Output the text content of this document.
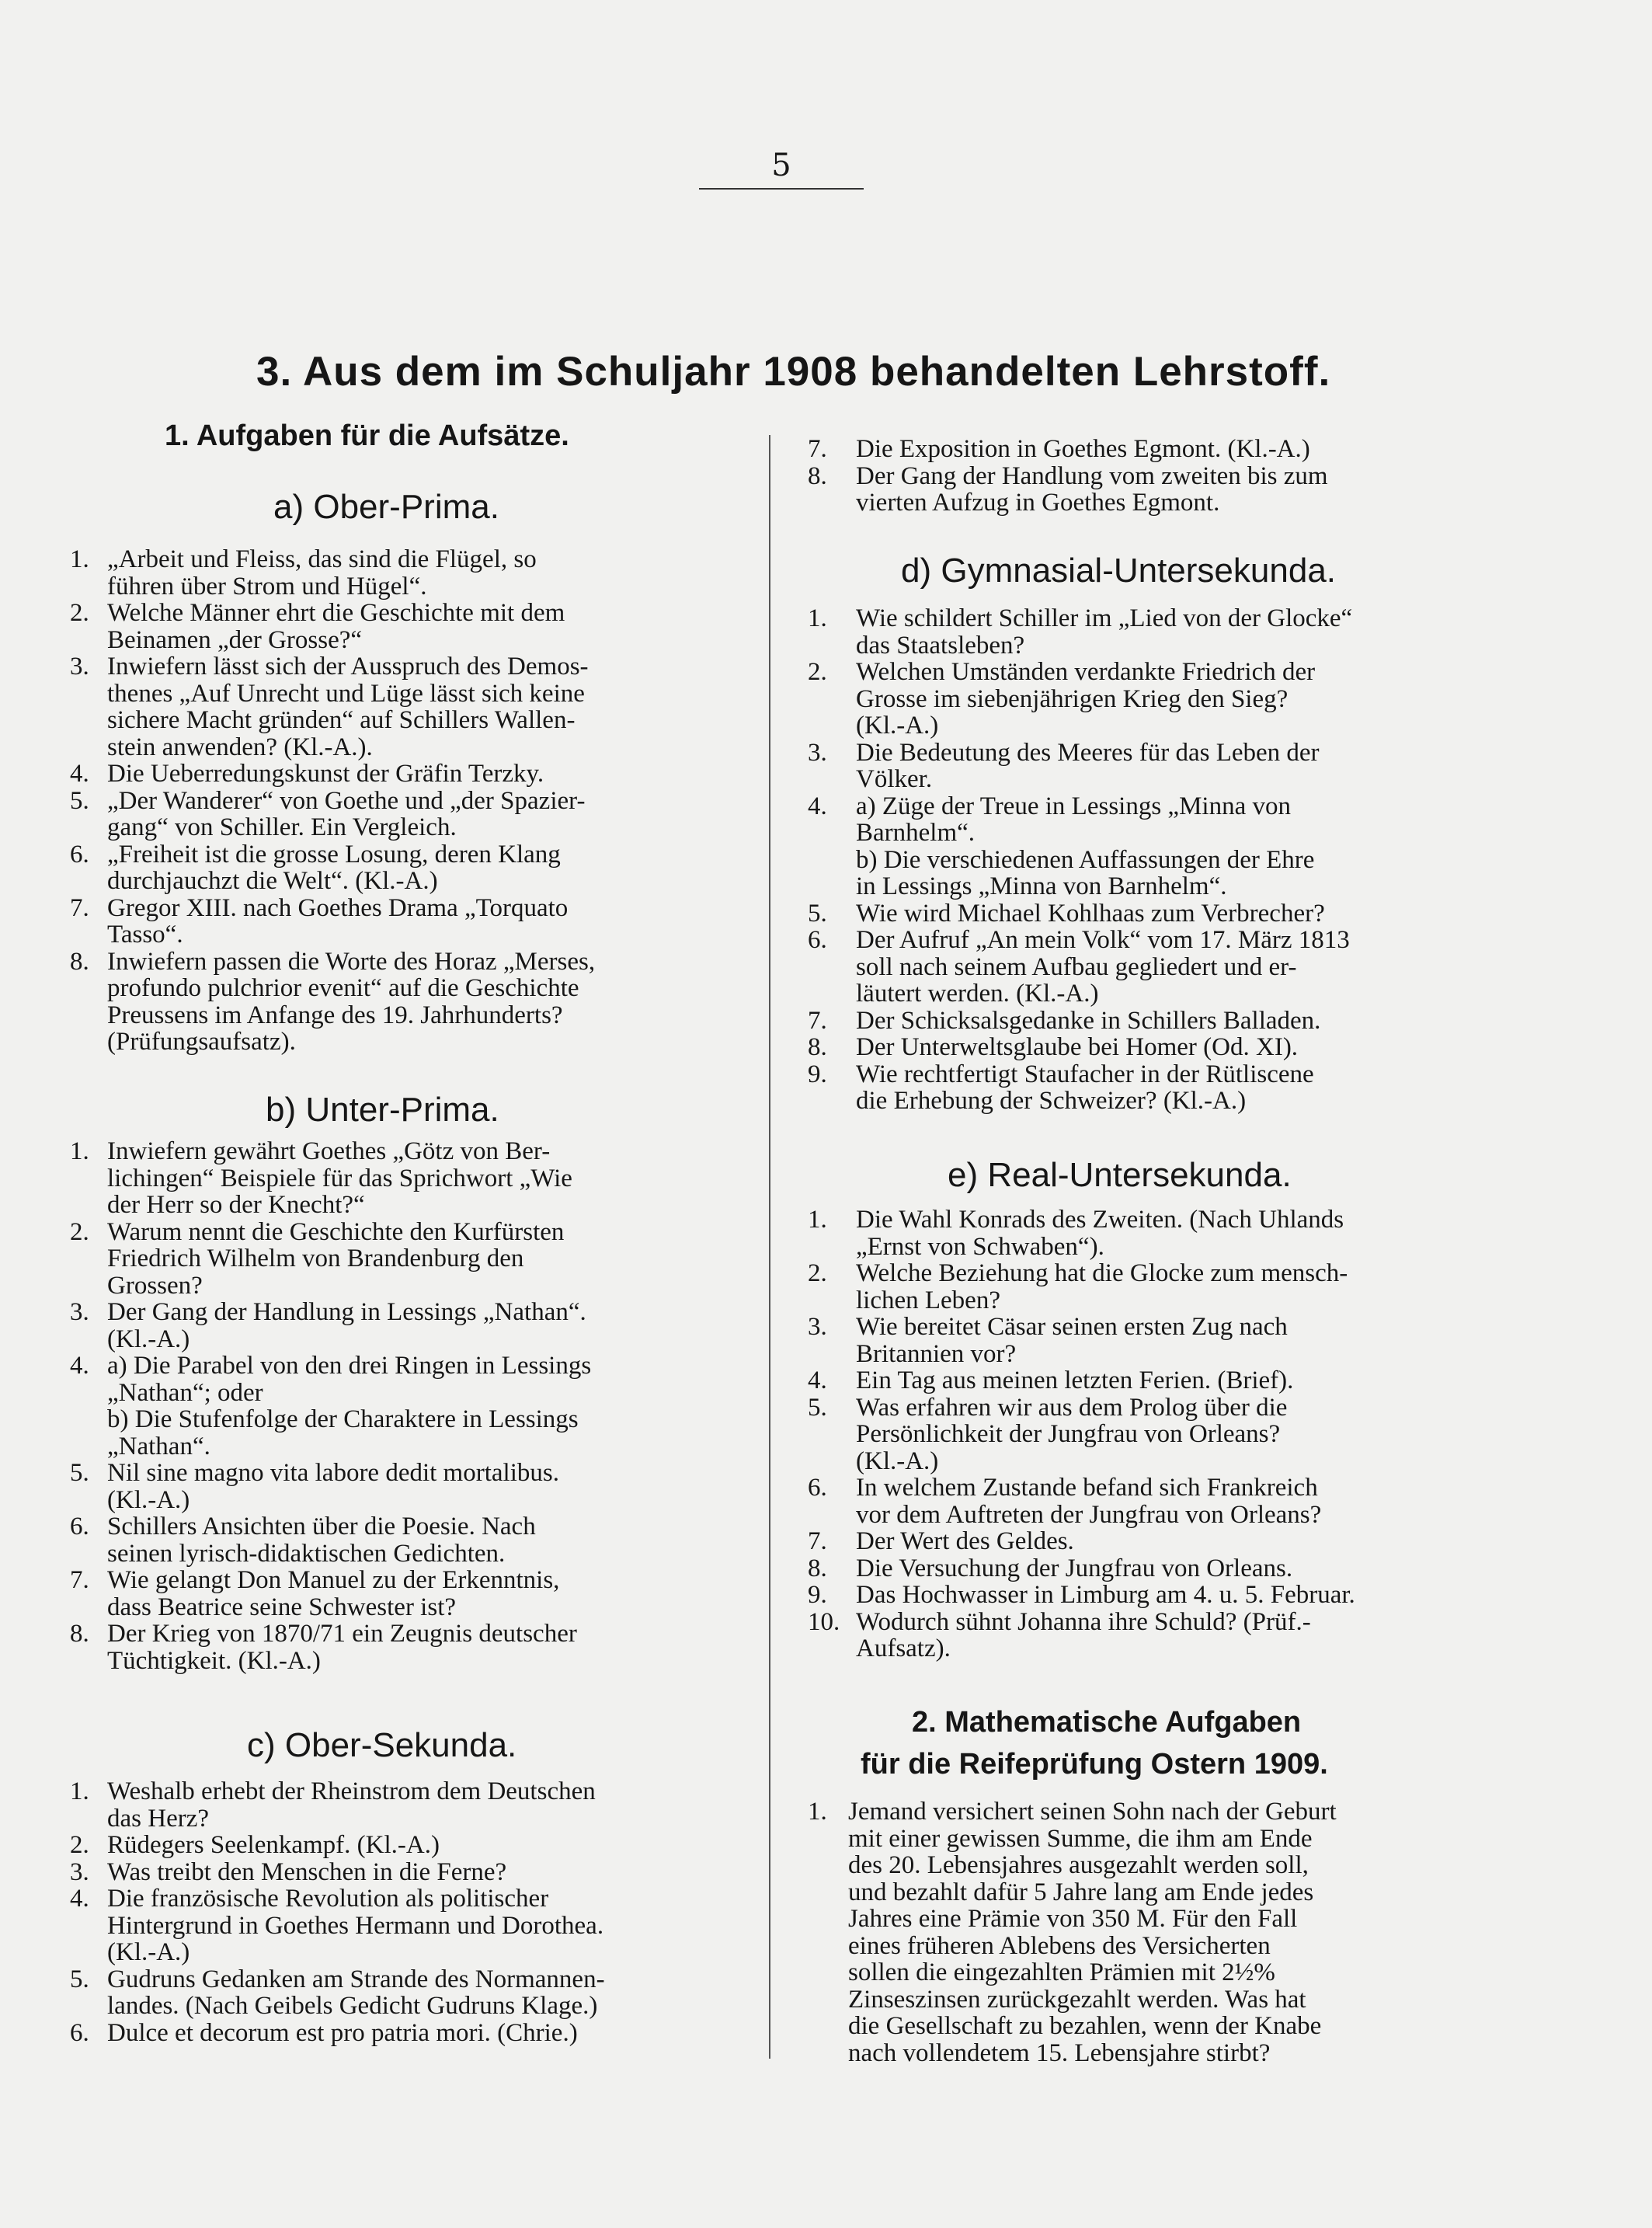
5
3. Aus dem im Schuljahr 1908 behandelten Lehrstoff.
1. Aufgaben für die Aufsätze.
a) Ober-Prima.
b) Unter-Prima.
c) Ober-Sekunda.
1. „Arbeit und Fleiss, das sind die Flügel, so
führen über Strom und Hügel“.
2. Welche Männer ehrt die Geschichte mit dem
Beinamen „der Grosse?“
3. Inwiefern lässt sich der Ausspruch des Demos-
thenes „Auf Unrecht und Lüge lässt sich keine
sichere Macht gründen“ auf Schillers Wallen-
stein anwenden? (Kl.-A.).
4. Die Ueberredungskunst der Gräfin Terzky.
5. „Der Wanderer“ von Goethe und „der Spazier-
gang“ von Schiller. Ein Vergleich.
6. „Freiheit ist die grosse Losung, deren Klang
durchjauchzt die Welt“. (Kl.-A.)
7. Gregor XIII. nach Goethes Drama „Torquato
Tasso“.
8. Inwiefern passen die Worte des Horaz „Merses,
profundo pulchrior evenit“ auf die Geschichte
Preussens im Anfange des 19. Jahrhunderts?
(Prüfungsaufsatz).
1. Inwiefern gewährt Goethes „Götz von Ber-
lichingen“ Beispiele für das Sprichwort „Wie
der Herr so der Knecht?“
2. Warum nennt die Geschichte den Kurfürsten
Friedrich Wilhelm von Brandenburg den
Grossen?
3. Der Gang der Handlung in Lessings „Nathan“.
(Kl.-A.)
4. a) Die Parabel von den drei Ringen in Lessings
„Nathan“; oder
b) Die Stufenfolge der Charaktere in Lessings
„Nathan“.
5. Nil sine magno vita labore dedit mortalibus.
(Kl.-A.)
6. Schillers Ansichten über die Poesie. Nach
seinen lyrisch-didaktischen Gedichten.
7. Wie gelangt Don Manuel zu der Erkenntnis,
dass Beatrice seine Schwester ist?
8. Der Krieg von 1870/71 ein Zeugnis deutscher
Tüchtigkeit. (Kl.-A.)
1. Weshalb erhebt der Rheinstrom dem Deutschen
das Herz?
2. Rüdegers Seelenkampf. (Kl.-A.)
3. Was treibt den Menschen in die Ferne?
4. Die französische Revolution als politischer
Hintergrund in Goethes Hermann und Dorothea.
(Kl.-A.)
5. Gudruns Gedanken am Strande des Normannen-
landes. (Nach Geibels Gedicht Gudruns Klage.)
6. Dulce et decorum est pro patria mori. (Chrie.)
d) Gymnasial-Untersekunda.
e) Real-Untersekunda.
2. Mathematische Aufgaben
für die Reifeprüfung Ostern 1909.
7. Die Exposition in Goethes Egmont. (Kl.-A.)
8. Der Gang der Handlung vom zweiten bis zum
vierten Aufzug in Goethes Egmont.
1. Wie schildert Schiller im „Lied von der Glocke“
das Staatsleben?
2. Welchen Umständen verdankte Friedrich der
Grosse im siebenjährigen Krieg den Sieg?
(Kl.-A.)
3. Die Bedeutung des Meeres für das Leben der
Völker.
4. a) Züge der Treue in Lessings „Minna von
Barnhelm“.
b) Die verschiedenen Auffassungen der Ehre
in Lessings „Minna von Barnhelm“.
5. Wie wird Michael Kohlhaas zum Verbrecher?
6. Der Aufruf „An mein Volk“ vom 17. März 1813
soll nach seinem Aufbau gegliedert und er-
läutert werden. (Kl.-A.)
7. Der Schicksalsgedanke in Schillers Balladen.
8. Der Unterweltsglaube bei Homer (Od. XI).
9. Wie rechtfertigt Staufacher in der Rütliscene
die Erhebung der Schweizer? (Kl.-A.)
1. Die Wahl Konrads des Zweiten. (Nach Uhlands
„Ernst von Schwaben“).
2. Welche Beziehung hat die Glocke zum mensch-
lichen Leben?
3. Wie bereitet Cäsar seinen ersten Zug nach
Britannien vor?
4. Ein Tag aus meinen letzten Ferien. (Brief).
5. Was erfahren wir aus dem Prolog über die
Persönlichkeit der Jungfrau von Orleans?
(Kl.-A.)
6. In welchem Zustande befand sich Frankreich
vor dem Auftreten der Jungfrau von Orleans?
7. Der Wert des Geldes.
8. Die Versuchung der Jungfrau von Orleans.
9. Das Hochwasser in Limburg am 4. u. 5. Februar.
10. Wodurch sühnt Johanna ihre Schuld? (Prüf.-
Aufsatz).
1. Jemand versichert seinen Sohn nach der Geburt
mit einer gewissen Summe, die ihm am Ende
des 20. Lebensjahres ausgezahlt werden soll,
und bezahlt dafür 5 Jahre lang am Ende jedes
Jahres eine Prämie von 350 M. Für den Fall
eines früheren Ablebens des Versicherten
sollen die eingezahlten Prämien mit 2½%
Zinseszinsen zurückgezahlt werden. Was hat
die Gesellschaft zu bezahlen, wenn der Knabe
nach vollendetem 15. Lebensjahre stirbt?
